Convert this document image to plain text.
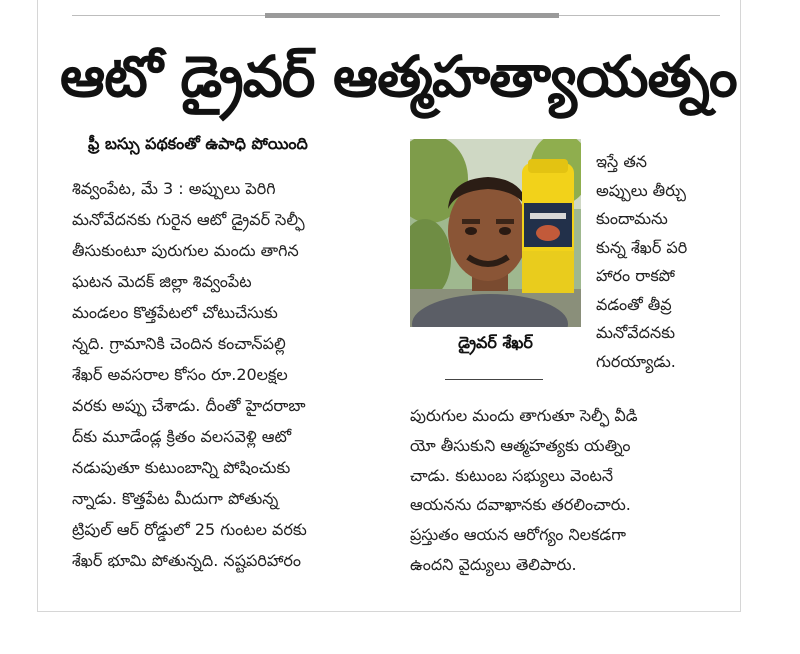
ఆటో డ్రైవర్ ఆత్మహత్యాయత్నం
ఫ్రీ బస్సు పథకంతో ఉపాధి పోయింది

శివ్వంపేట, మే 3 : అప్పులు పెరిగి

మనోవేదనకు గురైన ఆటో డ్రైవర్ సెల్ఫీ

తీసుకుంటూ పురుగుల మందు తాగిన

ఘటన మెదక్ జిల్లా శివ్వంపేట

మండలం కొత్తపేటలో చోటుచేసుకు

న్నది. గ్రామానికి చెందిన కంచాన్‌పల్లి

శేఖర్ అవసరాల కోసం రూ.20లక్షల

వరకు అప్పు చేశాడు. దీంతో హైదరాబా

ద్‌కు మూడేండ్ల క్రితం వలసవెళ్లి ఆటో

నడుపుతూ కుటుంబాన్ని పోషించుకు

న్నాడు. కొత్తపేట మీదుగా పోతున్న

ట్రిపుల్ ఆర్ రోడ్డులో 25 గుంటల వరకు

శేఖర్ భూమి పోతున్నది. నష్టపరిహారం

డ్రైవర్ శేఖర్

ఇస్తే తన

అప్పులు తీర్చు

కుందామను

కున్న శేఖర్ పరి

హారం రాకపో

వడంతో తీవ్ర

మనోవేదనకు

గురయ్యాడు.

పురుగుల మందు తాగుతూ సెల్ఫీ వీడి

యో తీసుకుని ఆత్మహత్యకు యత్నిం

చాడు. కుటుంబ సభ్యులు వెంటనే

ఆయనను దవాఖానకు తరలించారు.

ప్రస్తుతం ఆయన ఆరోగ్యం నిలకడగా

ఉందని వైద్యులు తెలిపారు.
